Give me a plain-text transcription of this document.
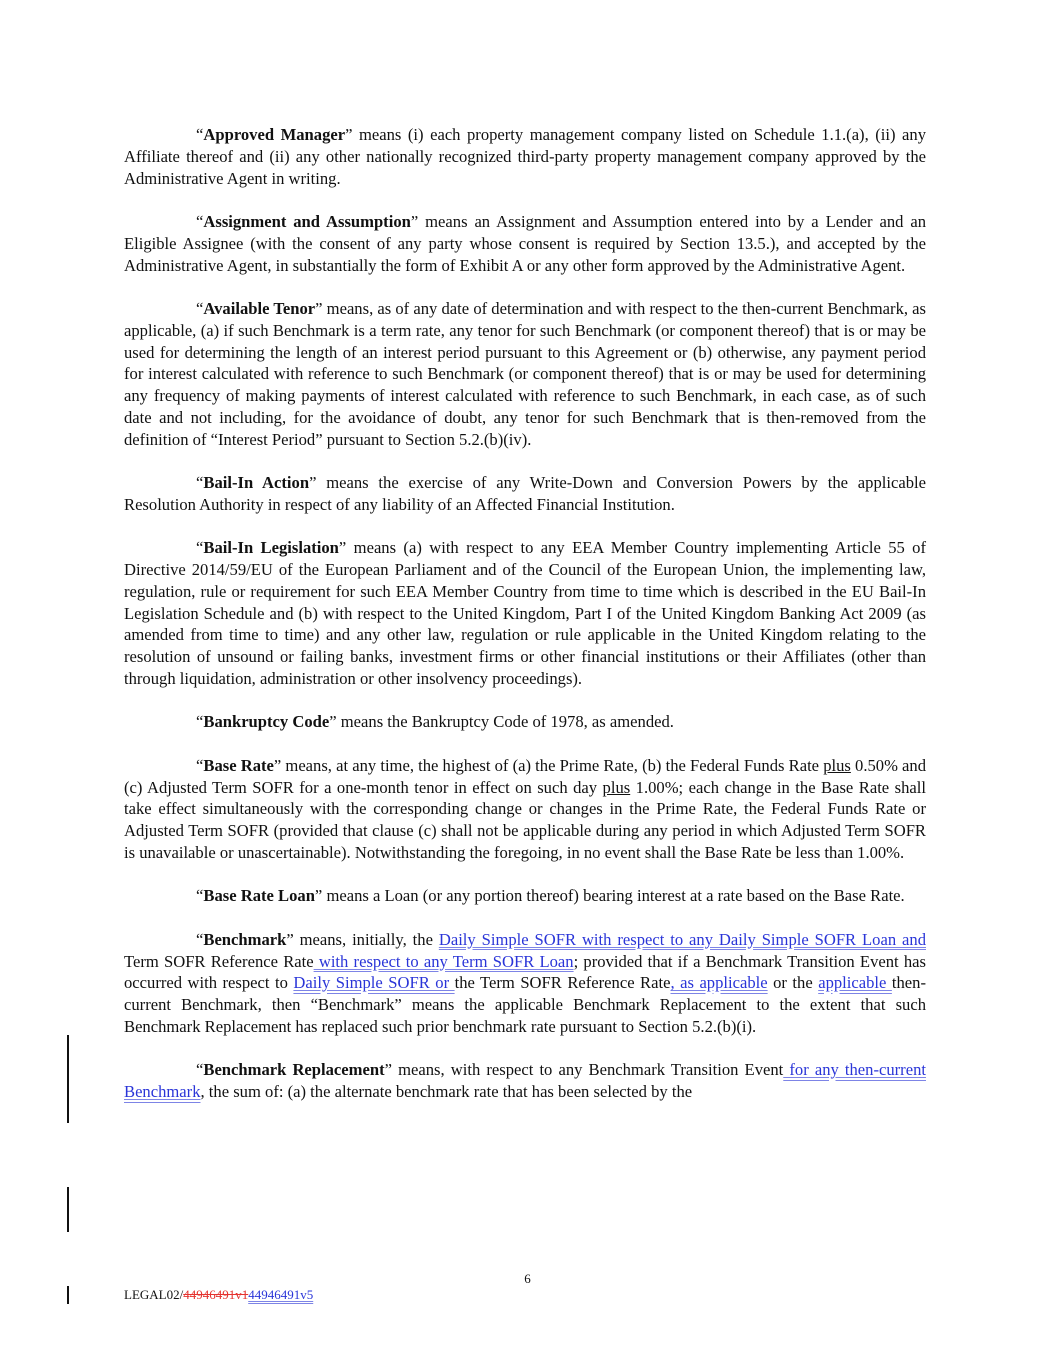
“Approved Manager” means (i) each property management company listed on Schedule 1.1.(a), (ii) any Affiliate thereof and (ii) any other nationally recognized third-party property management company approved by the Administrative Agent in writing.

“Assignment and Assumption” means an Assignment and Assumption entered into by a Lender and an Eligible Assignee (with the consent of any party whose consent is required by Section 13.5.), and accepted by the Administrative Agent, in substantially the form of Exhibit A or any other form approved by the Administrative Agent.

“Available Tenor” means, as of any date of determination and with respect to the then-current Benchmark, as applicable, (a) if such Benchmark is a term rate, any tenor for such Benchmark (or component thereof) that is or may be used for determining the length of an interest period pursuant to this Agreement or (b) otherwise, any payment period for interest calculated with reference to such Benchmark (or component thereof) that is or may be used for determining any frequency of making payments of interest calculated with reference to such Benchmark, in each case, as of such date and not including, for the avoidance of doubt, any tenor for such Benchmark that is then-removed from the definition of “Interest Period” pursuant to Section 5.2.(b)(iv).

“Bail-In Action” means the exercise of any Write-Down and Conversion Powers by the applicable Resolution Authority in respect of any liability of an Affected Financial Institution.

“Bail-In Legislation” means (a) with respect to any EEA Member Country implementing Article 55 of Directive 2014/59/EU of the European Parliament and of the Council of the European Union, the implementing law, regulation, rule or requirement for such EEA Member Country from time to time which is described in the EU Bail-In Legislation Schedule and (b) with respect to the United Kingdom, Part I of the United Kingdom Banking Act 2009 (as amended from time to time) and any other law, regulation or rule applicable in the United Kingdom relating to the resolution of unsound or failing banks, investment firms or other financial institutions or their Affiliates (other than through liquidation, administration or other insolvency proceedings).

“Bankruptcy Code” means the Bankruptcy Code of 1978, as amended.

“Base Rate” means, at any time, the highest of (a) the Prime Rate, (b) the Federal Funds Rate plus 0.50% and (c) Adjusted Term SOFR for a one-month tenor in effect on such day plus 1.00%; each change in the Base Rate shall take effect simultaneously with the corresponding change or changes in the Prime Rate, the Federal Funds Rate or Adjusted Term SOFR (provided that clause (c) shall not be applicable during any period in which Adjusted Term SOFR is unavailable or unascertainable). Notwithstanding the foregoing, in no event shall the Base Rate be less than 1.00%.

“Base Rate Loan” means a Loan (or any portion thereof) bearing interest at a rate based on the Base Rate.

“Benchmark” means, initially, the Daily Simple SOFR with respect to any Daily Simple SOFR Loan and Term SOFR Reference Rate with respect to any Term SOFR Loan; provided that if a Benchmark Transition Event has occurred with respect to Daily Simple SOFR or the Term SOFR Reference Rate, as applicable or the applicable then-current Benchmark, then “Benchmark” means the applicable Benchmark Replacement to the extent that such Benchmark Replacement has replaced such prior benchmark rate pursuant to Section 5.2.(b)(i).

“Benchmark Replacement” means, with respect to any Benchmark Transition Event for any then-current Benchmark, the sum of: (a) the alternate benchmark rate that has been selected by the

6
LEGAL02/44946491v144946491v5
